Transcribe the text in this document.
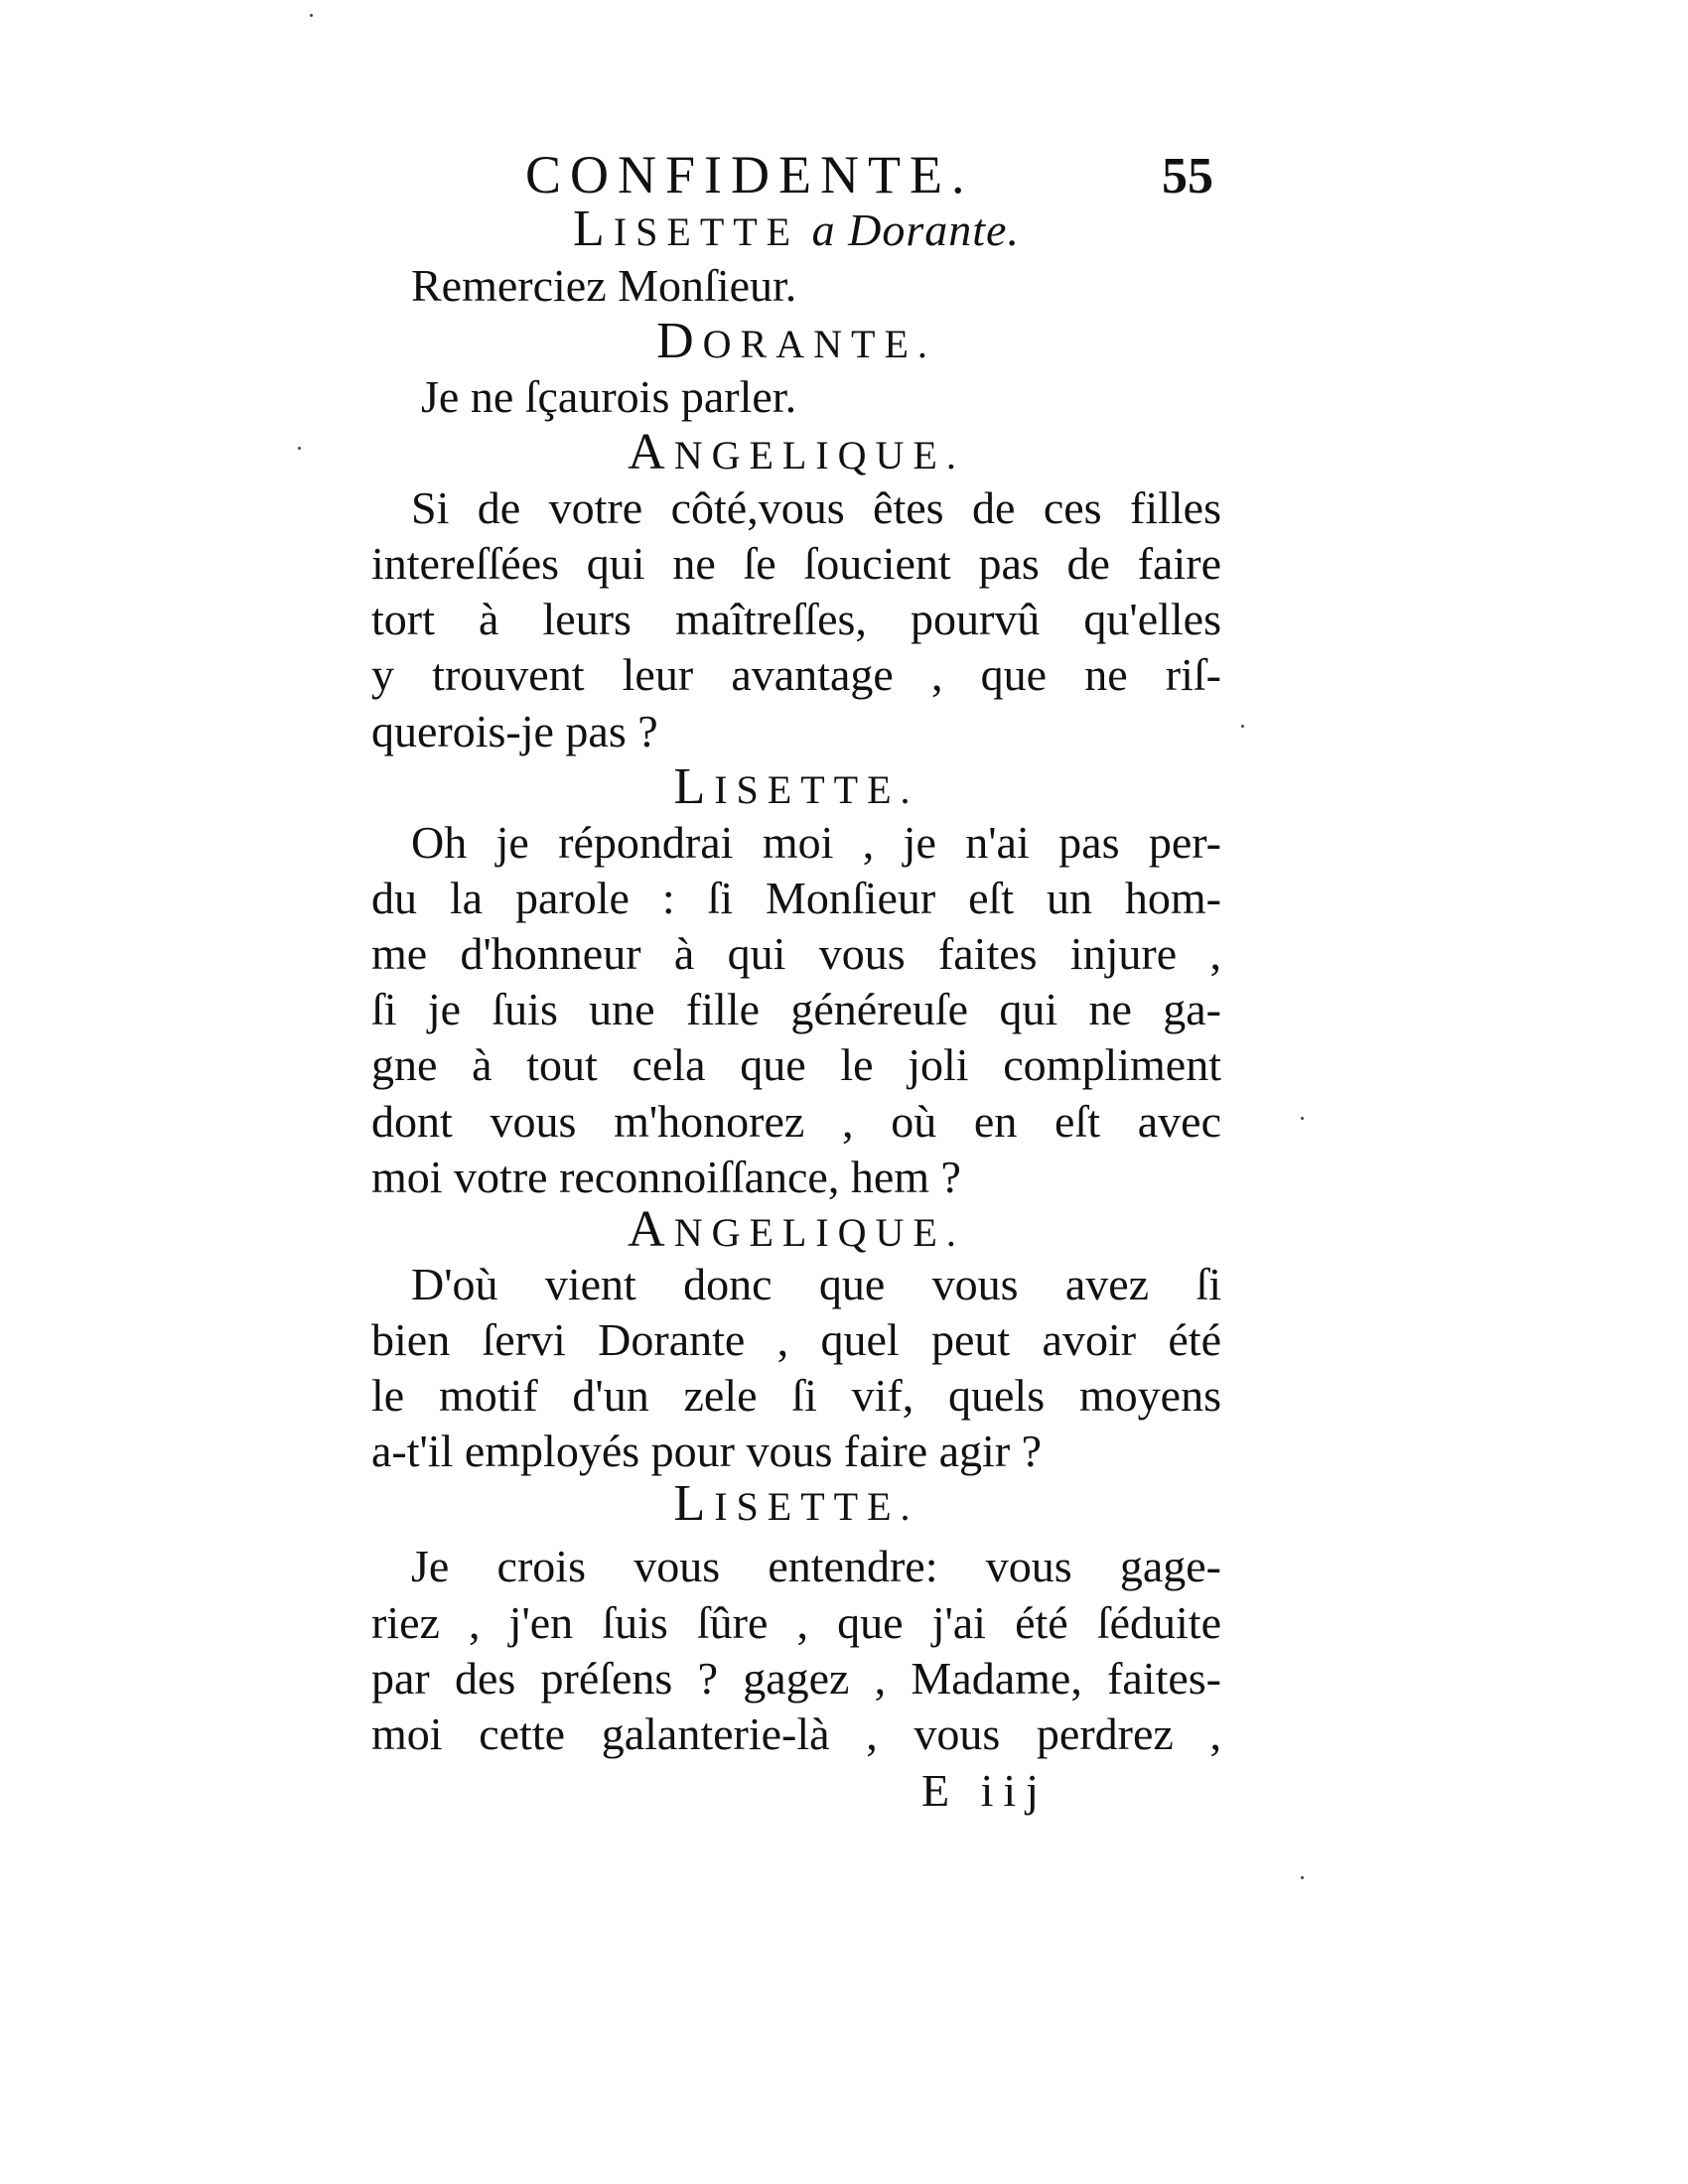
CONFIDENTE.	55
LISETTE a Dorante.
Remerciez Monſieur.
DORANTE.
Je ne ſçaurois parler.
ANGELIQUE.
Si de votre côté,vous êtes de ces filles
intereſſées qui ne ſe ſoucient pas de faire
tort à leurs maîtreſſes, pourvû qu'elles
y trouvent leur avantage , que ne riſ-
querois-je pas ?
LISETTE.
Oh je répondrai moi , je n'ai pas per-
du la parole : ſi Monſieur eſt un hom-
me d'honneur à qui vous faites injure ,
ſi je ſuis une fille généreuſe qui ne ga-
gne à tout cela que le joli compliment
dont vous m'honorez , où en eſt avec
moi votre reconnoiſſance, hem ?
ANGELIQUE.
D'où vient donc que vous avez ſi
bien ſervi Dorante , quel peut avoir été
le motif d'un zele ſi vif, quels moyens
a-t'il employés pour vous faire agir ?
LISETTE.
Je crois vous entendre: vous gage-
riez , j'en ſuis ſûre , que j'ai été ſéduite
par des préſens ? gagez , Madame, faites-
moi cette galanterie-là , vous perdrez ,
E iij
